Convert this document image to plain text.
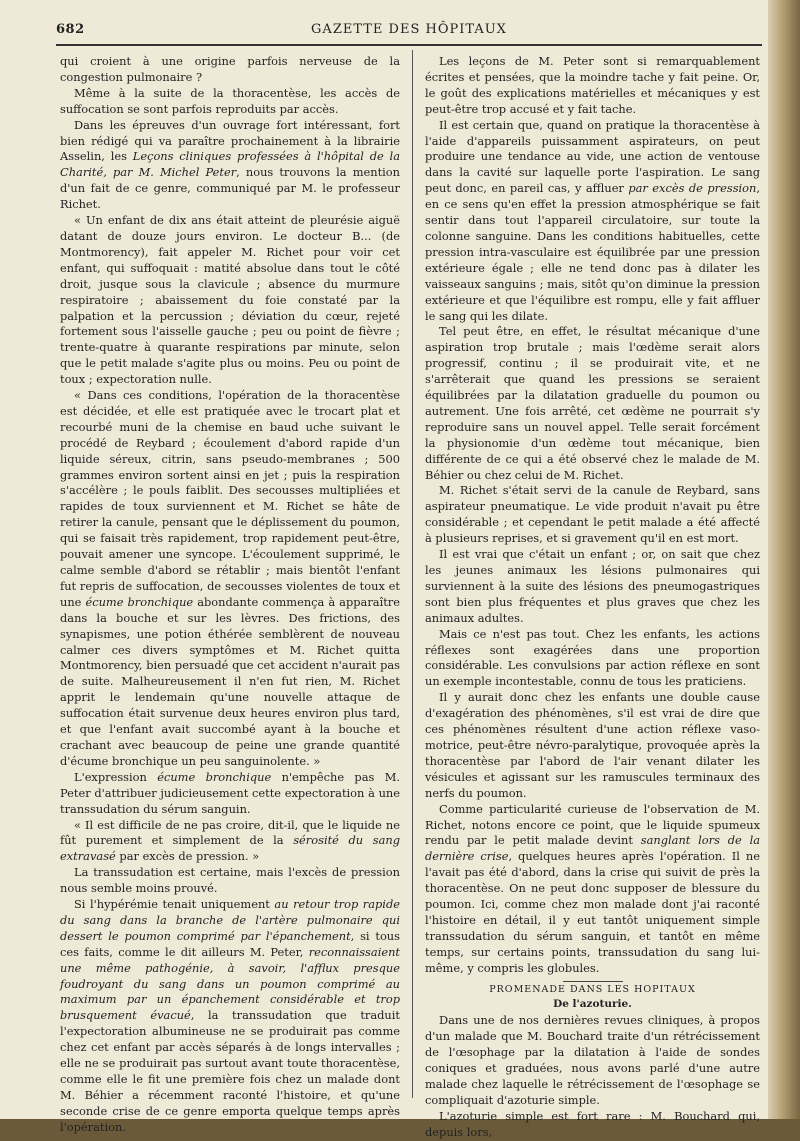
682	GAZETTE DES HÔPITAUX

qui croient à une origine parfois nerveuse de la congestion pulmonaire ?

Même à la suite de la thoracentèse, les accès de suffocation se sont parfois reproduits par accès.

Dans les épreuves d'un ouvrage fort intéressant, fort bien rédigé qui va paraître prochainement à la librairie Asselin, les Leçons cliniques professées à l'hôpital de la Charité, par M. Michel Peter, nous trouvons la mention d'un fait de ce genre, communiqué par M. le professeur Richet.

« Un enfant de dix ans était atteint de pleurésie aiguë datant de douze jours environ. Le docteur B... (de Montmorency), fait appeler M. Richet pour voir cet enfant, qui suffoquait : matité absolue dans tout le côté droit, jusque sous la clavicule ; absence du murmure respiratoire ; abaissement du foie constaté par la palpation et la percussion ; déviation du cœur, rejeté fortement sous l'aisselle gauche ; peu ou point de fièvre ; trente-quatre à quarante respirations par minute, selon que le petit malade s'agite plus ou moins. Peu ou point de toux ; expectoration nulle.

« Dans ces conditions, l'opération de la thoracentèse est décidée, et elle est pratiquée avec le trocart plat et recourbé muni de la chemise en baud uche suivant le procédé de Reybard ; écoulement d'abord rapide d'un liquide séreux, citrin, sans pseudo-membranes ; 500 grammes environ sortent ainsi en jet ; puis la respiration s'accélère ; le pouls faiblit. Des secousses multipliées et rapides de toux surviennent et M. Richet se hâte de retirer la canule, pensant que le déplissement du poumon, qui se faisait très rapidement, trop rapidement peut-être, pouvait amener une syncope. L'écoulement supprimé, le calme semble d'abord se rétablir ; mais bientôt l'enfant fut repris de suffocation, de secousses violentes de toux et une écume bronchique abondante commença à apparaître dans la bouche et sur les lèvres. Des frictions, des synapismes, une potion éthérée semblèrent de nouveau calmer ces divers symptômes et M. Richet quitta Montmorency, bien persuadé que cet accident n'aurait pas de suite. Malheureusement il n'en fut rien, M. Richet apprit le lendemain qu'une nouvelle attaque de suffocation était survenue deux heures environ plus tard, et que l'enfant avait succombé ayant à la bouche et crachant avec beaucoup de peine une grande quantité d'écume bronchique un peu sanguinolente. »

L'expression écume bronchique n'empêche pas M. Peter d'attribuer judicieusement cette expectoration à une transsudation du sérum sanguin.

« Il est difficile de ne pas croire, dit-il, que le liquide ne fût purement et simplement de la sérosité du sang extravasé par excès de pression. »

La transsudation est certaine, mais l'excès de pression nous semble moins prouvé.

Si l'hypérémie tenait uniquement au retour trop rapide du sang dans la branche de l'artère pulmonaire qui dessert le poumon comprimé par l'épanchement, si tous ces faits, comme le dit ailleurs M. Peter, reconnaissaient une même pathogénie, à savoir, l'afflux presque foudroyant du sang dans un poumon comprimé au maximum par un épanchement considérable et trop brusquement évacué, la transsudation que traduit l'expectoration albumineuse ne se produirait pas comme chez cet enfant par accès séparés à de longs intervalles ; elle ne se produirait pas surtout avant toute thoracentèse, comme elle le fit une première fois chez un malade dont M. Béhier a récemment raconté l'histoire, et qu'une seconde crise de ce genre emporta quelque temps après l'opération.

Les leçons de M. Peter sont si remarquablement écrites et pensées, que la moindre tache y fait peine. Or, le goût des explications matérielles et mécaniques y est peut-être trop accusé et y fait tache.

Il est certain que, quand on pratique la thoracentèse à l'aide d'appareils puissamment aspirateurs, on peut produire une tendance au vide, une action de ventouse dans la cavité sur laquelle porte l'aspiration. Le sang peut donc, en pareil cas, y affluer par excès de pression, en ce sens qu'en effet la pression atmosphérique se fait sentir dans tout l'appareil circulatoire, sur toute la colonne sanguine. Dans les conditions habituelles, cette pression intra-vasculaire est équilibrée par une pression extérieure égale ; elle ne tend donc pas à dilater les vaisseaux sanguins ; mais, sitôt qu'on diminue la pression extérieure et que l'équilibre est rompu, elle y fait affluer le sang qui les dilate.

Tel peut être, en effet, le résultat mécanique d'une aspiration trop brutale ; mais l'œdème serait alors progressif, continu ; il se produirait vite, et ne s'arrêterait que quand les pressions se seraient équilibrées par la dilatation graduelle du poumon ou autrement. Une fois arrêté, cet œdème ne pourrait s'y reproduire sans un nouvel appel. Telle serait forcément la physionomie d'un œdème tout mécanique, bien différente de ce qui a été observé chez le malade de M. Béhier ou chez celui de M. Richet.

M. Richet s'était servi de la canule de Reybard, sans aspirateur pneumatique. Le vide produit n'avait pu être considérable ; et cependant le petit malade a été affecté à plusieurs reprises, et si gravement qu'il en est mort.

Il est vrai que c'était un enfant ; or, on sait que chez les jeunes animaux les lésions pulmonaires qui surviennent à la suite des lésions des pneumogastriques sont bien plus fréquentes et plus graves que chez les animaux adultes.

Mais ce n'est pas tout. Chez les enfants, les actions réflexes sont exagérées dans une proportion considérable. Les convulsions par action réflexe en sont un exemple incontestable, connu de tous les praticiens.

Il y aurait donc chez les enfants une double cause d'exagération des phénomènes, s'il est vrai de dire que ces phénomènes résultent d'une action réflexe vaso-motrice, peut-être névro-paralytique, provoquée après la thoracentèse par l'abord de l'air venant dilater les vésicules et agissant sur les ramuscules terminaux des nerfs du poumon.

Comme particularité curieuse de l'observation de M. Richet, notons encore ce point, que le liquide spumeux rendu par le petit malade devint sanglant lors de la dernière crise, quelques heures après l'opération. Il ne l'avait pas été d'abord, dans la crise qui suivit de près la thoracentèse. On ne peut donc supposer de blessure du poumon. Ici, comme chez mon malade dont j'ai raconté l'histoire en détail, il y eut tantôt uniquement simple transsudation du sérum sanguin, et tantôt en même temps, sur certains points, transsudation du sang lui-même, y compris les globules.

PROMENADE DANS LES HOPITAUX

De l'azoturie.

Dans une de nos dernières revues cliniques, à propos d'un malade que M. Bouchard traite d'un rétrécissement de l'œsophage par la dilatation à l'aide de sondes coniques et graduées, nous avons parlé d'une autre malade chez laquelle le rétrécissement de l'œsophage se compliquait d'azoturie simple.

L'azoturie simple est fort rare : M. Bouchard qui, depuis lors,
